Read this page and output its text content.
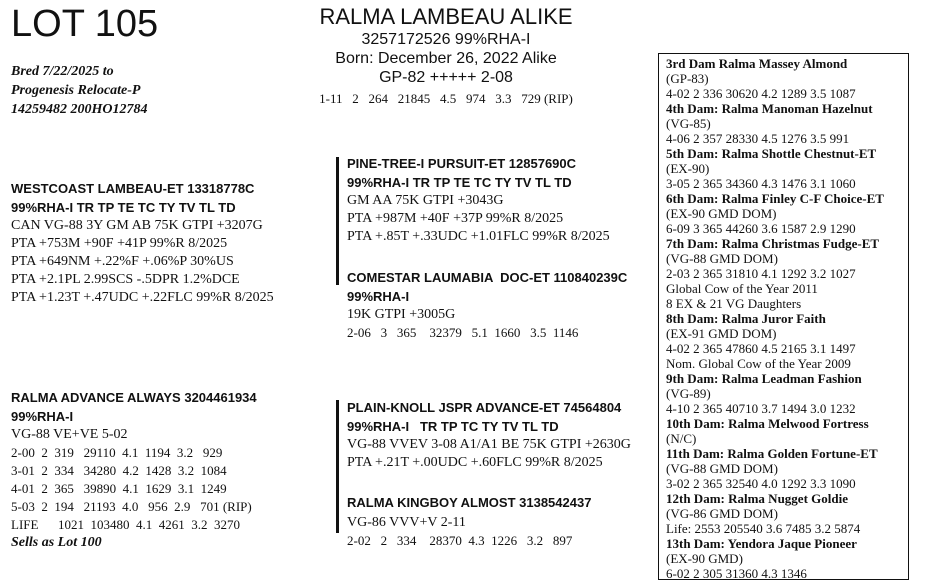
LOT 105
Bred 7/22/2025 to
Progenesis Relocate-P
14259482 200HO12784
RALMA LAMBEAU ALIKE
3257172526 99%RHA-I
Born: December 26, 2022 Alike
GP-82 +++++ 2-08
1-11   2   264   21845   4.5   974   3.3   729 (RIP)
WESTCOAST LAMBEAU-ET 13318778C
99%RHA-I TR TP TE TC TY TV TL TD
CAN VG-88 3Y GM AB 75K GTPI +3207G
PTA +753M +90F +41P 99%R 8/2025
PTA +649NM +.22%F +.06%P 30%US
PTA +2.1PL 2.99SCS -.5DPR 1.2%DCE
PTA +1.23T +.47UDC +.22FLC 99%R 8/2025
RALMA ADVANCE ALWAYS 3204461934
99%RHA-I
VG-88 VE+VE 5-02
2-00  2  319   29110  4.1  1194  3.2   929
3-01  2  334   34280  4.2  1428  3.2  1084
4-01  2  365   39890  4.1  1629  3.1  1249
5-03  2  194   21193  4.0   956  2.9   701 (RIP)
LIFE      1021  103480  4.1  4261  3.2  3270
Sells as Lot 100
PINE-TREE-I PURSUIT-ET 12857690C
99%RHA-I TR TP TE TC TY TV TL TD
GM AA 75K GTPI +3043G
PTA +987M +40F +37P 99%R 8/2025
PTA +.85T +.33UDC +1.01FLC 99%R 8/2025
COMESTAR LAUMABIA  DOC-ET 110840239C
99%RHA-I
19K GTPI +3005G
2-06   3   365    32379   5.1  1660   3.5  1146
PLAIN-KNOLL JSPR ADVANCE-ET 74564804
99%RHA-I   TR TP TC TY TV TL TD
VG-88 VVEV 3-08 A1/A1 BE 75K GTPI +2630G
PTA +.21T +.00UDC +.60FLC 99%R 8/2025
RALMA KINGBOY ALMOST 3138542437
VG-86 VVV+V 2-11
2-02   2   334    28370  4.3  1226   3.2   897
3rd Dam Ralma Massey Almond
(GP-83)
4-02 2 336 30620 4.2 1289 3.5 1087
4th Dam: Ralma Manoman Hazelnut
(VG-85)
4-06 2 357 28330 4.5 1276 3.5 991
5th Dam: Ralma Shottle Chestnut-ET
(EX-90)
3-05 2 365 34360 4.3 1476 3.1 1060
6th Dam: Ralma Finley C-F Choice-ET
(EX-90 GMD DOM)
6-09 3 365 44260 3.6 1587 2.9 1290
7th Dam: Ralma Christmas Fudge-ET
(VG-88 GMD DOM)
2-03 2 365 31810 4.1 1292 3.2 1027
Global Cow of the Year 2011
8 EX & 21 VG Daughters
8th Dam: Ralma Juror Faith
(EX-91 GMD DOM)
4-02 2 365 47860 4.5 2165 3.1 1497
Nom. Global Cow of the Year 2009
9th Dam: Ralma Leadman Fashion
(VG-89)
4-10 2 365 40710 3.7 1494 3.0 1232
10th Dam: Ralma Melwood Fortress
(N/C)
11th Dam: Ralma Golden Fortune-ET
(VG-88 GMD DOM)
3-02 2 365 32540 4.0 1292 3.3 1090
12th Dam: Ralma Nugget Goldie
(VG-86 GMD DOM)
Life: 2553 205540 3.6 7485 3.2 5874
13th Dam: Yendora Jaque Pioneer
(EX-90 GMD)
6-02 2 305 31360 4.3 1346
